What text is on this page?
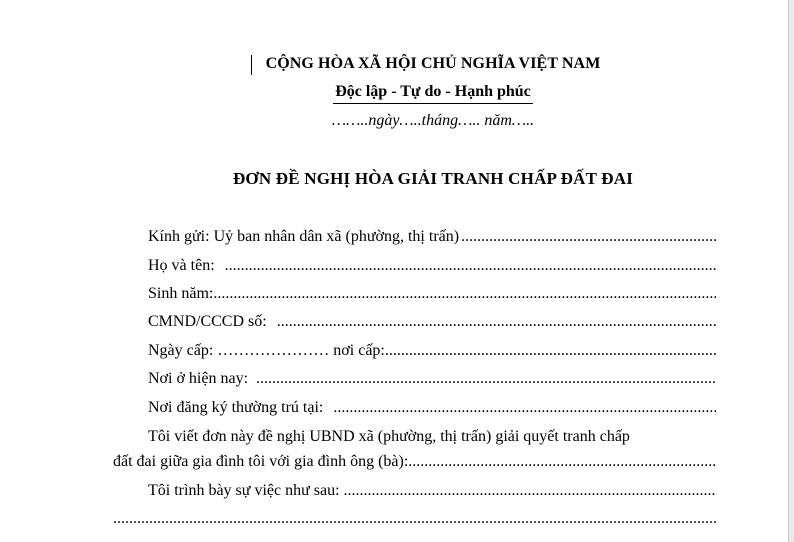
CỘNG HÒA XÃ HỘI CHỦ NGHĨA VIỆT NAM
Độc lập - Tự do - Hạnh phúc
……..ngày…..tháng….. năm…..
ĐƠN ĐỀ NGHỊ HÒA GIẢI TRANH CHẤP ĐẤT ĐAI
Kính gửi: Uỷ ban nhân dân xã (phường, thị trấn)
.....
Họ và tên:
.....
Sinh năm:
.....
CMND/CCCD số:
.....
Ngày cấp: ………………… nơi cấp:
.....
Nơi ở hiện nay:
.....
Nơi đăng ký thường trú tại:
.....
Tôi viết đơn này đề nghị UBND xã (phường, thị trấn) giải quyết tranh chấp
đất đai giữa gia đình tôi với gia đình ông (bà):
.....
Tôi trình bày sự việc như sau:
.....
.....
